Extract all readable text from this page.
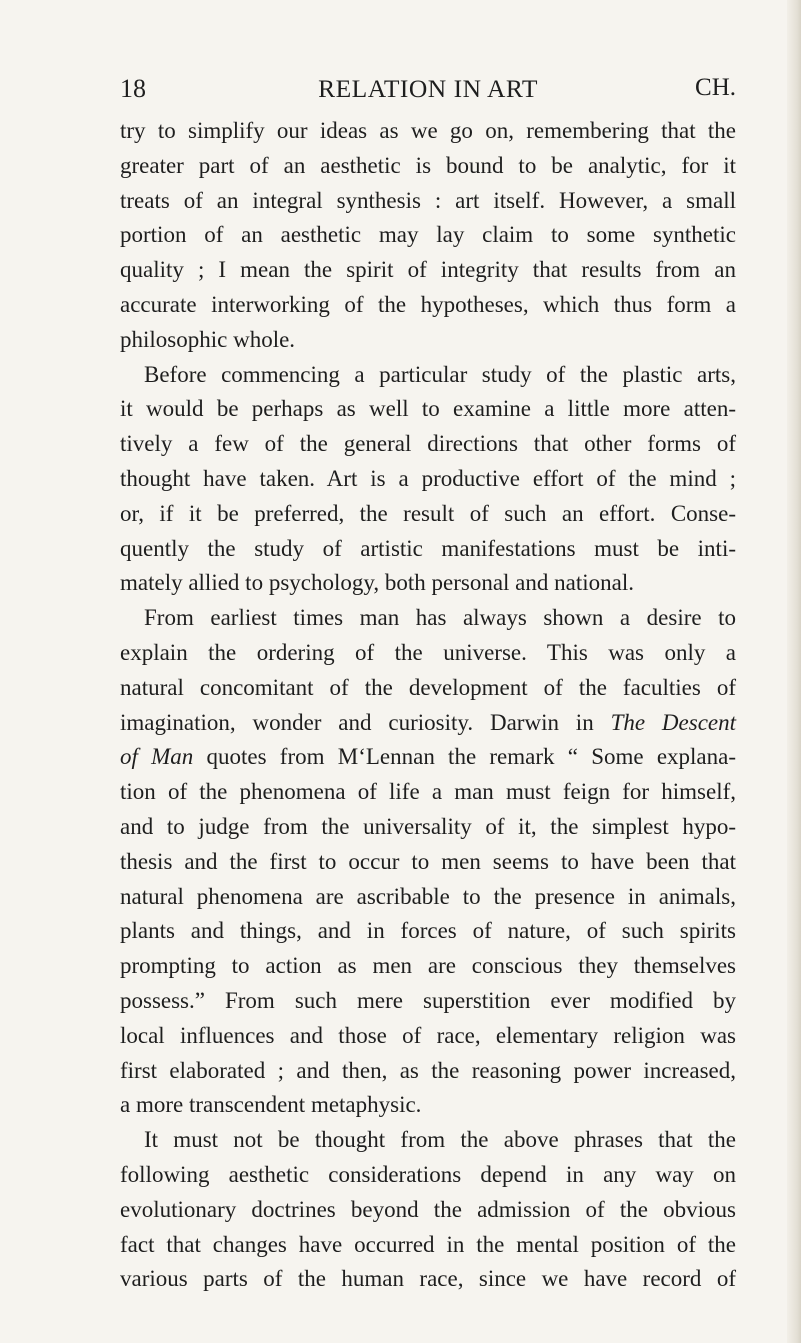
18	RELATION IN ART	CH.
try to simplify our ideas as we go on, remembering that the
greater part of an aesthetic is bound to be analytic, for it
treats of an integral synthesis : art itself. However, a small
portion of an aesthetic may lay claim to some synthetic
quality ; I mean the spirit of integrity that results from an
accurate interworking of the hypotheses, which thus form a
philosophic whole.
Before commencing a particular study of the plastic arts,
it would be perhaps as well to examine a little more atten-
tively a few of the general directions that other forms of
thought have taken. Art is a productive effort of the mind ;
or, if it be preferred, the result of such an effort. Conse-
quently the study of artistic manifestations must be inti-
mately allied to psychology, both personal and national.
From earliest times man has always shown a desire to
explain the ordering of the universe. This was only a
natural concomitant of the development of the faculties of
imagination, wonder and curiosity. Darwin in The Descent
of Man quotes from M‘Lennan the remark “ Some explana-
tion of the phenomena of life a man must feign for himself,
and to judge from the universality of it, the simplest hypo-
thesis and the first to occur to men seems to have been that
natural phenomena are ascribable to the presence in animals,
plants and things, and in forces of nature, of such spirits
prompting to action as men are conscious they themselves
possess.” From such mere superstition ever modified by
local influences and those of race, elementary religion was
first elaborated ; and then, as the reasoning power increased,
a more transcendent metaphysic.
It must not be thought from the above phrases that the
following aesthetic considerations depend in any way on
evolutionary doctrines beyond the admission of the obvious
fact that changes have occurred in the mental position of the
various parts of the human race, since we have record of
